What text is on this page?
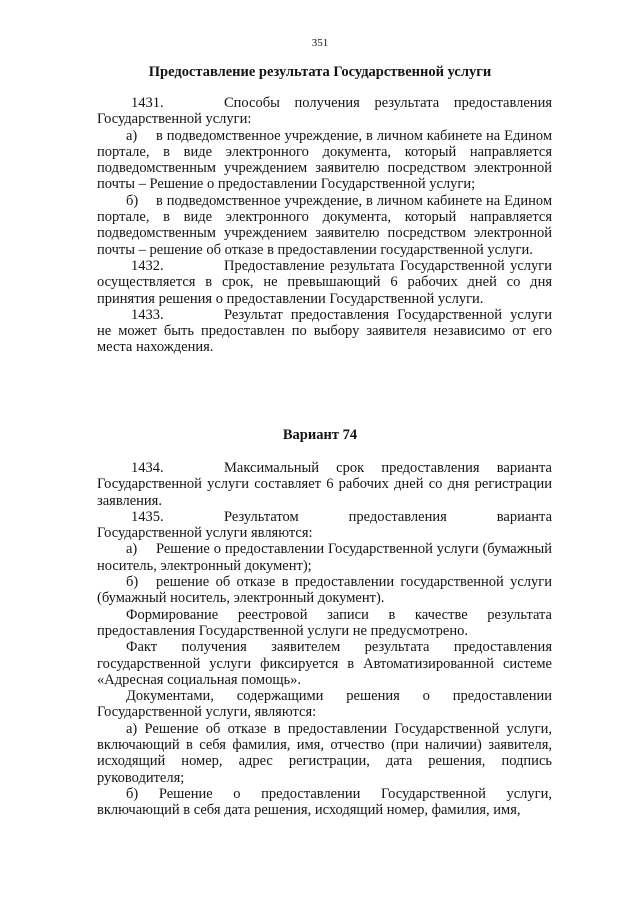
351
Предоставление результата Государственной услуги

1431.	Способы получения результата предоставления Государственной услуги:

а) в подведомственное учреждение, в личном кабинете на Едином портале, в виде электронного документа, который направляется подведомственным учреждением заявителю посредством электронной почты – Решение о предоставлении Государственной услуги;

б) в подведомственное учреждение, в личном кабинете на Едином портале, в виде электронного документа, который направляется подведомственным учреждением заявителю посредством электронной почты – решение об отказе в предоставлении государственной услуги.

1432.	Предоставление результата Государственной услуги осуществляется в срок, не превышающий 6 рабочих дней со дня принятия решения о предоставлении Государственной услуги.

1433.	Результат предоставления Государственной услуги не может быть предоставлен по выбору заявителя независимо от его места нахождения.

Вариант 74

1434.	Максимальный срок предоставления варианта Государственной услуги составляет 6 рабочих дней со дня регистрации заявления.

1435.	Результатом предоставления варианта Государственной услуги являются:

а) Решение о предоставлении Государственной услуги (бумажный носитель, электронный документ);

б) решение об отказе в предоставлении государственной услуги (бумажный носитель, электронный документ).

Формирование реестровой записи в качестве результата предоставления Государственной услуги не предусмотрено.

Факт получения заявителем результата предоставления государственной услуги фиксируется в Автоматизированной системе «Адресная социальная помощь».

Документами, содержащими решения о предоставлении Государственной услуги, являются:

а) Решение об отказе в предоставлении Государственной услуги, включающий в себя фамилия, имя, отчество (при наличии) заявителя, исходящий номер, адрес регистрации, дата решения, подпись руководителя;

б) Решение о предоставлении Государственной услуги, включающий в себя дата решения, исходящий номер, фамилия, имя,
